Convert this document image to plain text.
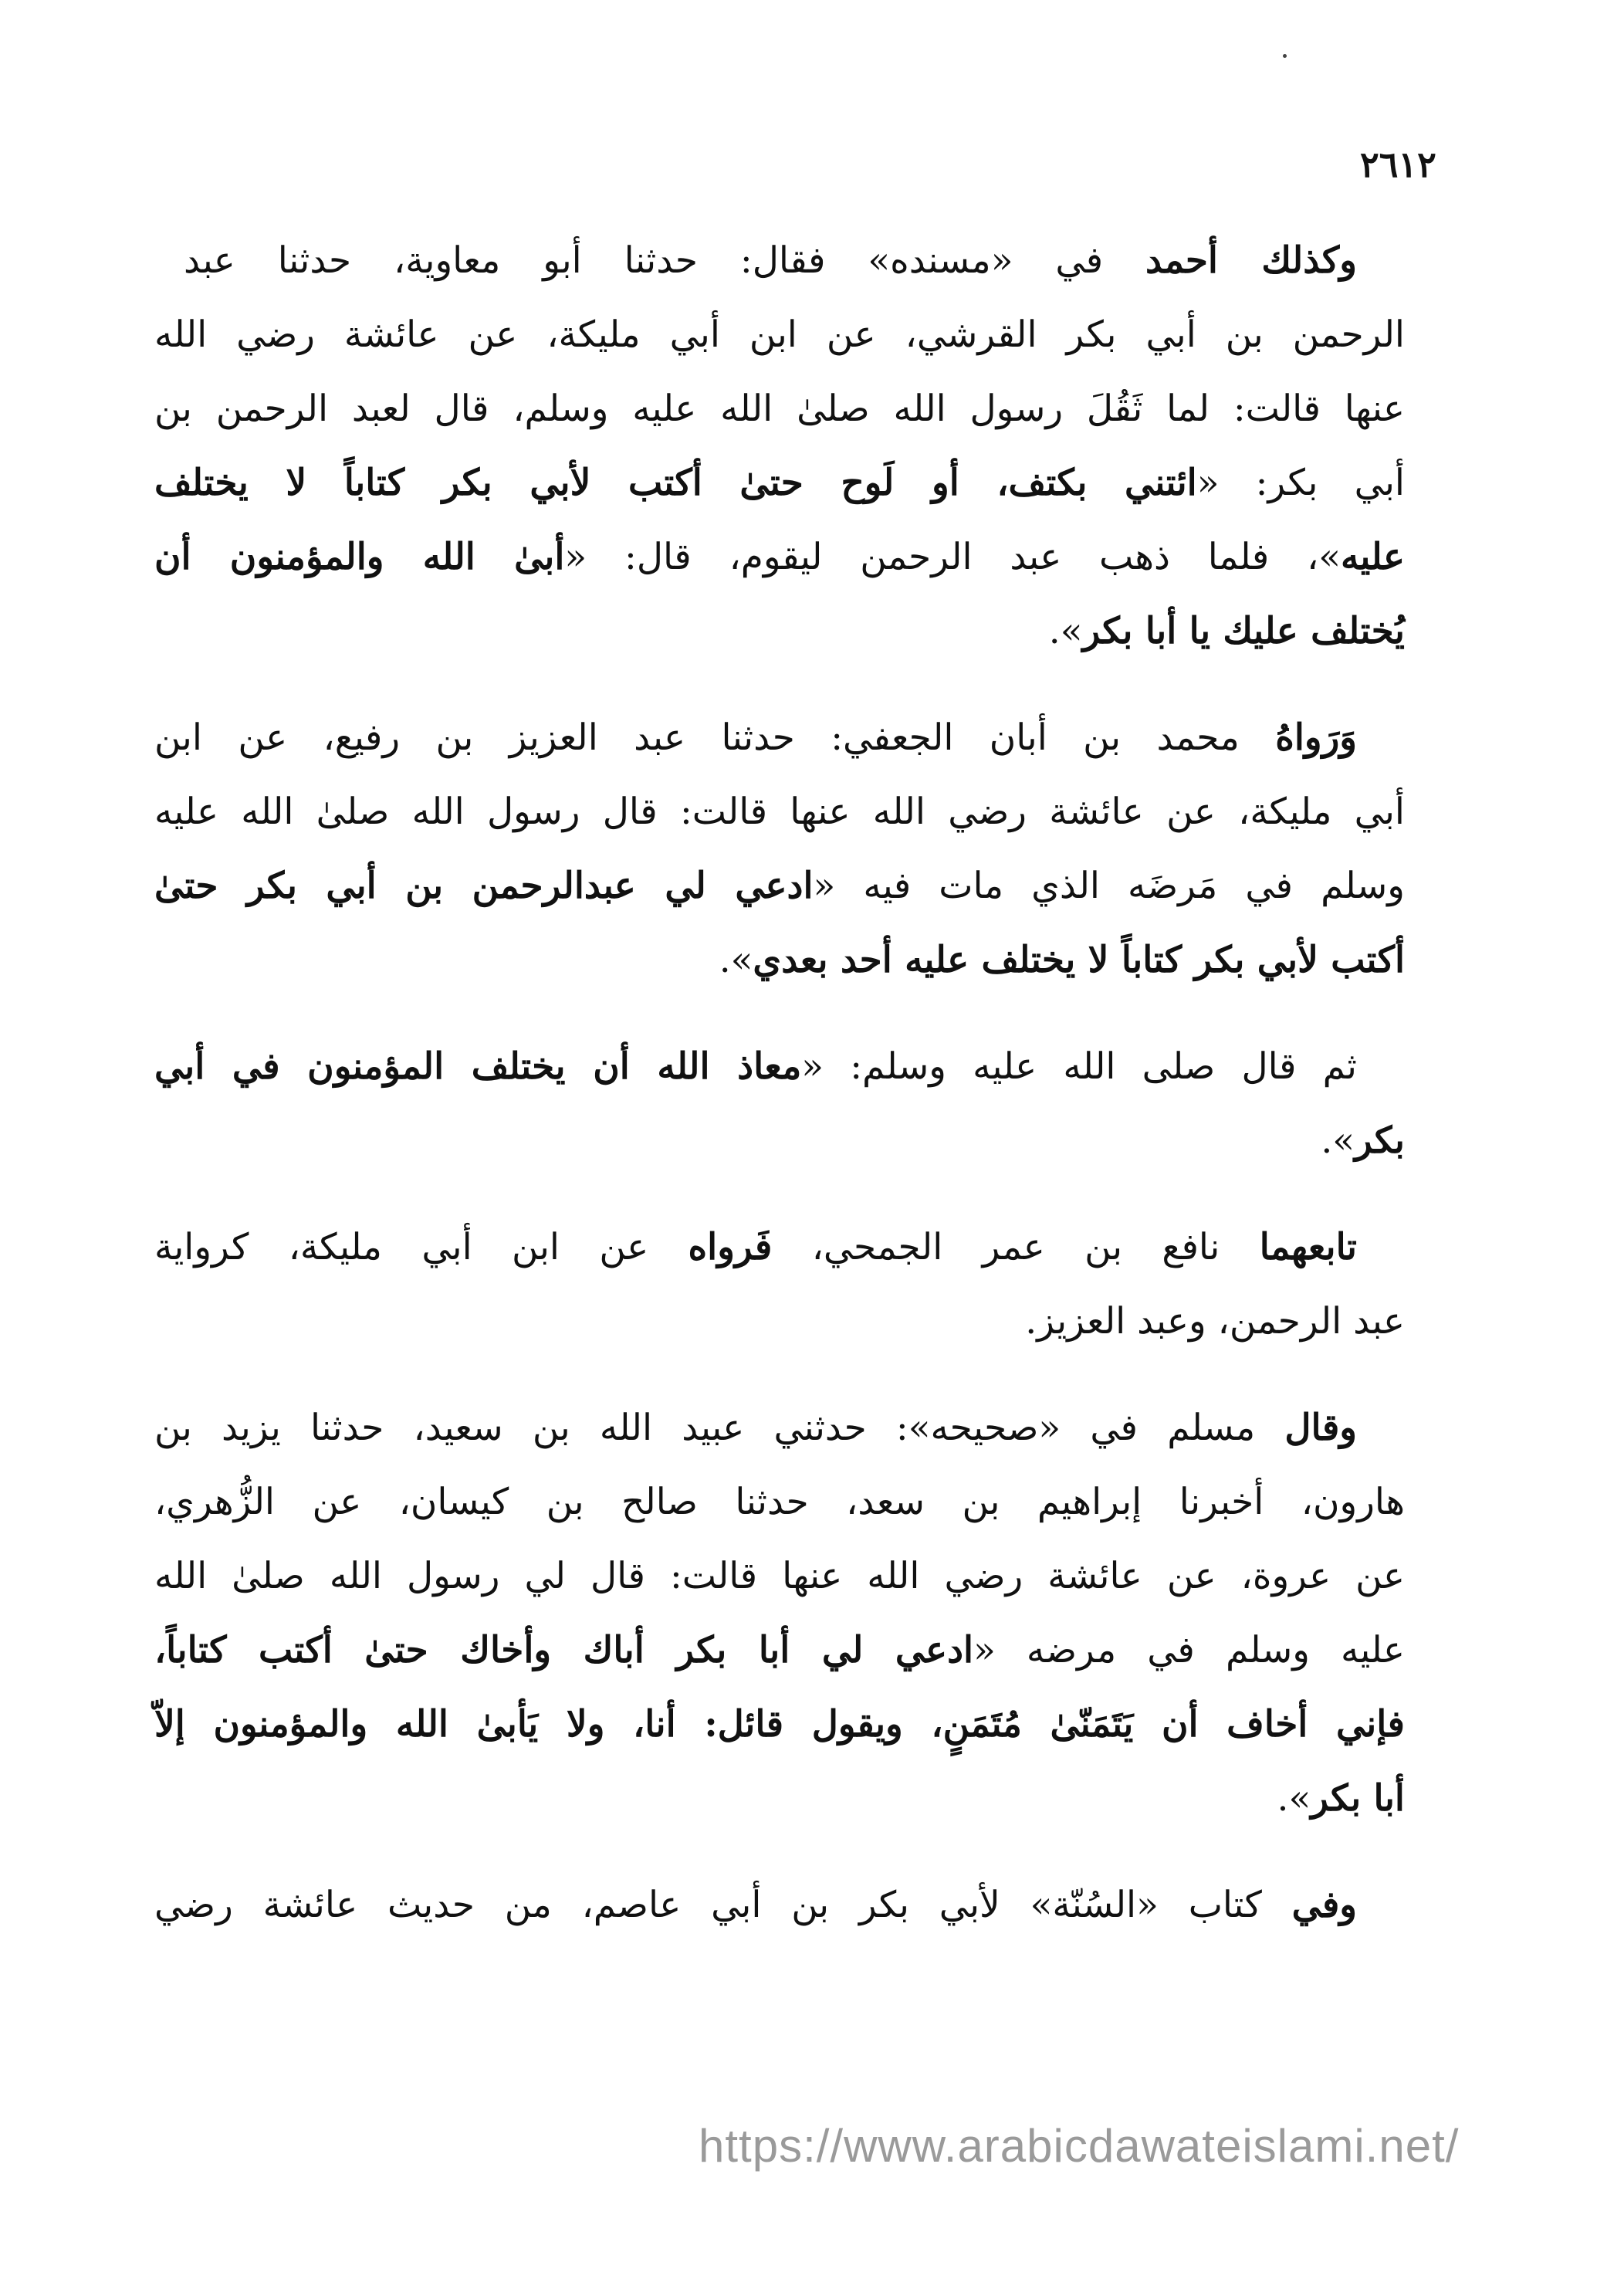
٢٦١٢
وكذلك أحمد في «مسنده» فقال: حدثنا أبو معاوية، حدثنا عبد
الرحمن بن أبي بكر القرشي، عن ابن أبي مليكة، عن عائشة رضي الله
عنها قالت: لما ثَقُلَ رسول الله صلىٰ الله عليه وسلم، قال لعبد الرحمن بن
أبي بكر: «ائتني بكتف، أو لَوح حتىٰ أكتب لأبي بكر كتاباً لا يختلف
عليه»، فلما ذهب عبد الرحمن ليقوم، قال: «أبىٰ الله والمؤمنون أن
يُختلف عليك يا أبا بكر».
وَرَواهُ محمد بن أبان الجعفي: حدثنا عبد العزيز بن رفيع، عن ابن
أبي مليكة، عن عائشة رضي الله عنها قالت: قال رسول الله صلىٰ الله عليه
وسلم في مَرضَه الذي مات فيه «ادعي لي عبدالرحمن بن أبي بكر حتىٰ
أكتب لأبي بكر كتاباً لا يختلف عليه أحد بعدي».
ثم قال صلى الله عليه وسلم: «معاذ الله أن يختلف المؤمنون في أبي
بكر».
تابعهما نافع بن عمر الجمحي، فَرواه عن ابن أبي مليكة، كرواية
عبد الرحمن، وعبد العزيز.
وقال مسلم في «صحيحه»: حدثني عبيد الله بن سعيد، حدثنا يزيد بن
هارون، أخبرنا إبراهيم بن سعد، حدثنا صالح بن كيسان، عن الزُّهري،
عن عروة، عن عائشة رضي الله عنها قالت: قال لي رسول الله صلىٰ الله
عليه وسلم في مرضه «ادعي لي أبا بكر أباك وأخاك حتىٰ أكتب كتاباً،
فإني أخاف أن يَتَمَنّىٰ مُتَمَنٍ، ويقول قائل: أنا، ولا يَأبىٰ الله والمؤمنون إلاّ
أبا بكر».
وفي كتاب «السُنّة» لأبي بكر بن أبي عاصم، من حديث عائشة رضي
https://www.arabicdawateislami.net/
